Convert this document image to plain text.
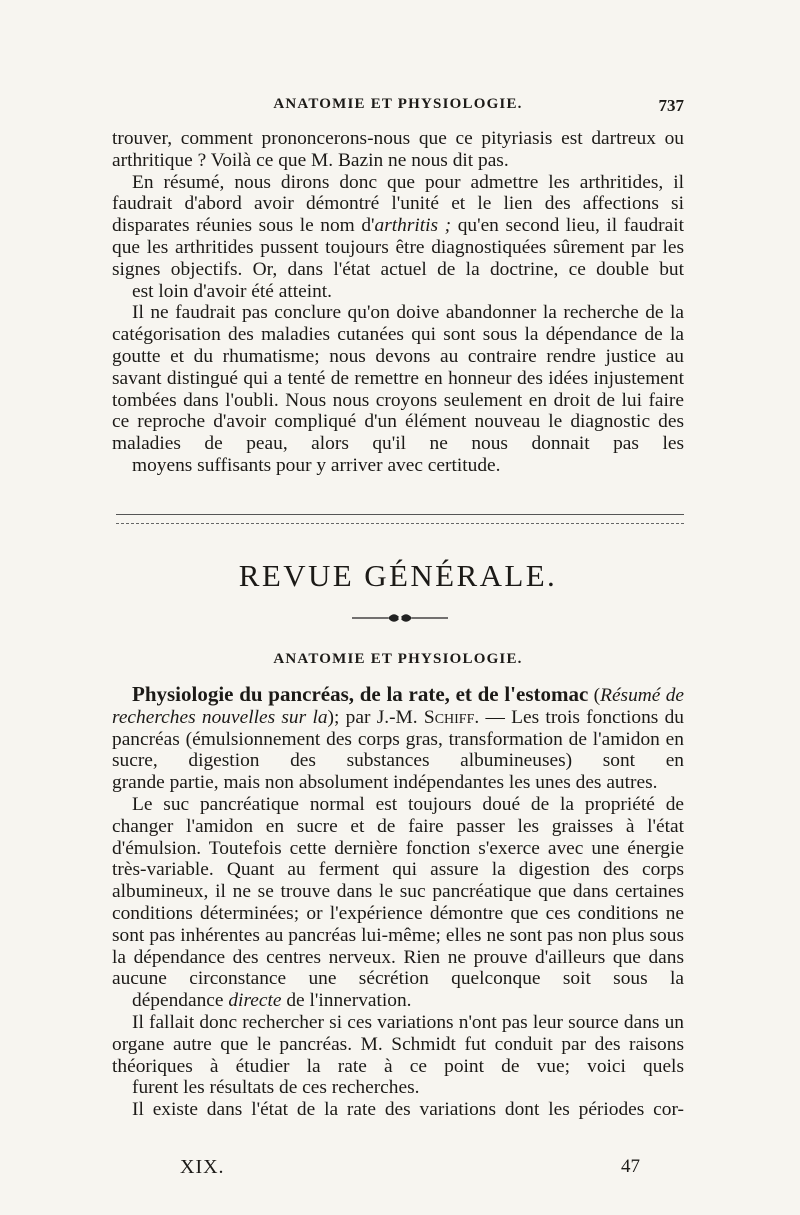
ANATOMIE ET PHYSIOLOGIE.	737

trouver, comment prononcerons-nous que ce pityriasis est dartreux ou arthritique ? Voilà ce que M. Bazin ne nous dit pas.

En résumé, nous dirons donc que pour admettre les arthritides, il faudrait d'abord avoir démontré l'unité et le lien des affections si disparates réunies sous le nom d'arthritis ; qu'en second lieu, il faudrait que les arthritides pussent toujours être diagnostiquées sûrement par les signes objectifs. Or, dans l'état actuel de la doctrine, ce double but est loin d'avoir été atteint.

Il ne faudrait pas conclure qu'on doive abandonner la recherche de la catégorisation des maladies cutanées qui sont sous la dépendance de la goutte et du rhumatisme; nous devons au contraire rendre justice au savant distingué qui a tenté de remettre en honneur des idées injustement tombées dans l'oubli. Nous nous croyons seulement en droit de lui faire ce reproche d'avoir compliqué d'un élément nouveau le diagnostic des maladies de peau, alors qu'il ne nous donnait pas les moyens suffisants pour y arriver avec certitude.

REVUE GÉNÉRALE.
ANATOMIE ET PHYSIOLOGIE.

Physiologie du pancréas, de la rate, et de l'estomac (Résumé de recherches nouvelles sur la); par J.-M. Schiff. — Les trois fonctions du pancréas (émulsionnement des corps gras, transformation de l'amidon en sucre, digestion des substances albumineuses) sont en grande partie, mais non absolument indépendantes les unes des autres.

Le suc pancréatique normal est toujours doué de la propriété de changer l'amidon en sucre et de faire passer les graisses à l'état d'émulsion. Toutefois cette dernière fonction s'exerce avec une énergie très-variable. Quant au ferment qui assure la digestion des corps albumineux, il ne se trouve dans le suc pancréatique que dans certaines conditions déterminées; or l'expérience démontre que ces conditions ne sont pas inhérentes au pancréas lui-même; elles ne sont pas non plus sous la dépendance des centres nerveux. Rien ne prouve d'ailleurs que dans aucune circonstance une sécrétion quelconque soit sous la dépendance directe de l'innervation.

Il fallait donc rechercher si ces variations n'ont pas leur source dans un organe autre que le pancréas. M. Schmidt fut conduit par des raisons théoriques à étudier la rate à ce point de vue; voici quels furent les résultats de ces recherches.

Il existe dans l'état de la rate des variations dont les périodes cor-

XIX.	47
